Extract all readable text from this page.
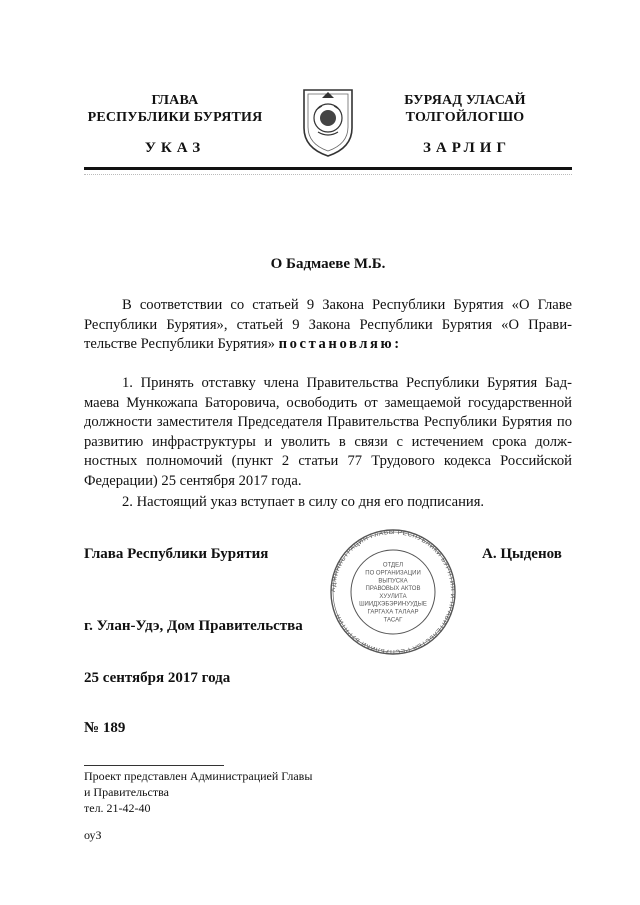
ГЛАВА
РЕСПУБЛИКИ БУРЯТИЯ
БУРЯАД УЛАСАЙ
ТОЛГОЙЛОГШО
УКАЗ	ЗАРЛИГ
О Бадмаеве М.Б.
В соответствии со статьей 9 Закона Республики Бурятия «О Главе Республики Бурятия», статьей 9 Закона Республики Бурятия «О Прави-тельстве Республики Бурятия» постановляю:
1. Принять отставку члена Правительства Республики Бурятия Бад-маева Мункожапа Баторовича, освободить от замещаемой государственной должности заместителя Председателя Правительства Республики Бурятия по развитию инфраструктуры и уволить в связи с истечением срока долж-ностных полномочий (пункт 2 статьи 77 Трудового кодекса Российской Федерации) 25 сентября 2017 года.
2. Настоящий указ вступает в силу со дня его подписания.
Глава Республики Бурятия	А. Цыденов
АДМИНИСТРАЦИЯ ГЛАВЫ РЕСПУБЛИКИ БУРЯТИЯ И ПРАВИТЕЛЬСТВА РЕСПУБЛИКИ БУРЯТИЯ
ОТДЕЛ
ПО ОРГАНИЗАЦИИ
ВЫПУСКА
ПРАВОВЫХ АКТОВ
ХУУЛИТА
ШИИДХЭБЭРИНУУДЫЕ
ГАРГАХА ТАЛААР
ТАСАГ
г. Улан-Удэ, Дом Правительства
25 сентября 2017 года
№ 189
Проект представлен Администрацией Главы
и Правительства
тел. 21-42-40
оуЗ
